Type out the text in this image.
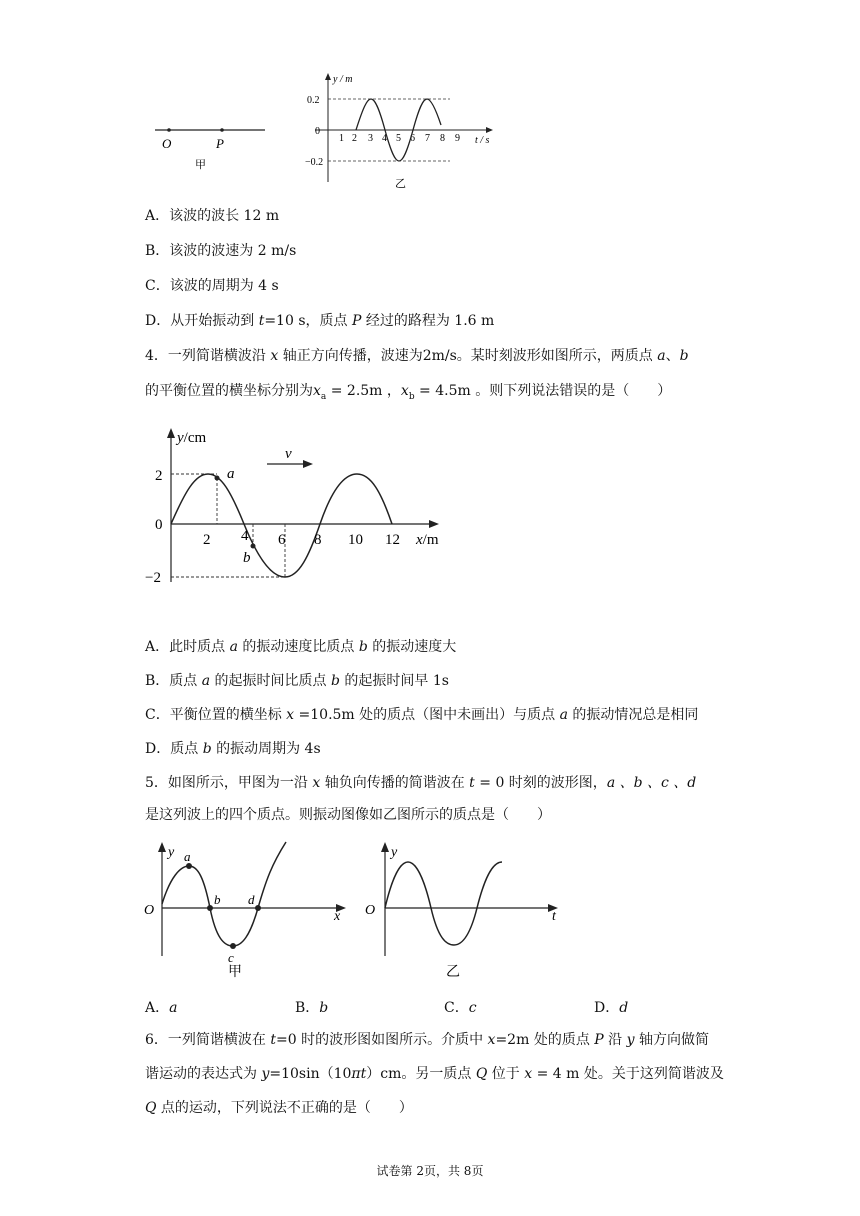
O	P
甲
y / m
0.2
0
−0.2
1 2 3 4 5 6 7 8 9 t / s
乙
A．该波的波长 12 m
B．该波的波速为 2 m/s
C．该波的周期为 4 s
D．从开始振动到 t=10 s，质点 P 经过的路程为 1.6 m
4．一列简谐横波沿 x 轴正方向传播，波速为2m/s。某时刻波形如图所示，两质点 a、b
的平衡位置的横坐标分别为$x_a = 2.5m$ ，$x_b = 4.5m$ 。则下列说法错误的是（　　）
y/cm
2
0
−2
a
b
2 4 6 8 10 12 x/m
v
A．此时质点 a 的振动速度比质点 b 的振动速度大
B．质点 a 的起振时间比质点 b 的起振时间早 1s
C．平衡位置的横坐标 x =10.5m 处的质点（图中未画出）与质点 a 的振动情况总是相同
D．质点 b 的振动周期为 4s
5．如图所示，甲图为一沿 x 轴负向传播的简谐波在 t = 0 时刻的波形图，a 、b 、c 、d
是这列波上的四个质点。则振动图像如乙图所示的质点是（　　）
y
O	x
a
b
c
d
甲
y
O	t
乙
A．a	B．b	C．c	D．d
6．一列简谐横波在 t=0 时的波形图如图所示。介质中 x=2m 处的质点 P 沿 y 轴方向做简
谐运动的表达式为 y=10sin（10πt）cm。另一质点 Q 位于 x = 4 m 处。关于这列简谐波及
Q 点的运动，下列说法不正确的是（　　）
试卷第 2页，共 8页
